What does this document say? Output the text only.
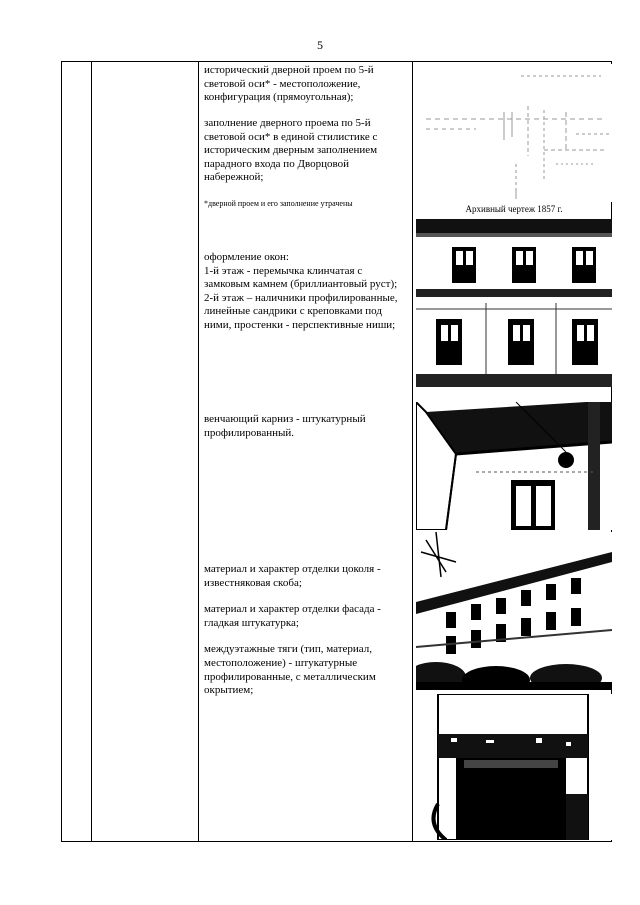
5

исторический дверной проем по 5-й световой оси* - местоположение, конфигурация (прямоугольная);

заполнение дверного проема по 5-й световой оси* в единой стилистике с историческим дверным заполнением парадного входа по Дворцовой набережной;

*дверной проем и его заполнение утрачены

оформление окон:

1-й этаж - перемычка клинчатая с замковым камнем (бриллиантовый руст);

2-й этаж – наличники профилированные, линейные сандрики с креповками под ними, простенки - перспективные ниши;

венчающий карниз - штукатурный профилированный.

материал и характер отделки цоколя - известняковая скоба;

материал и характер отделки фасада - гладкая штукатурка;

междуэтажные тяги (тип, материал, местоположение) - штукатурные профилированные, с металлическим окрытием;

Архивный чертеж 1857 г.
